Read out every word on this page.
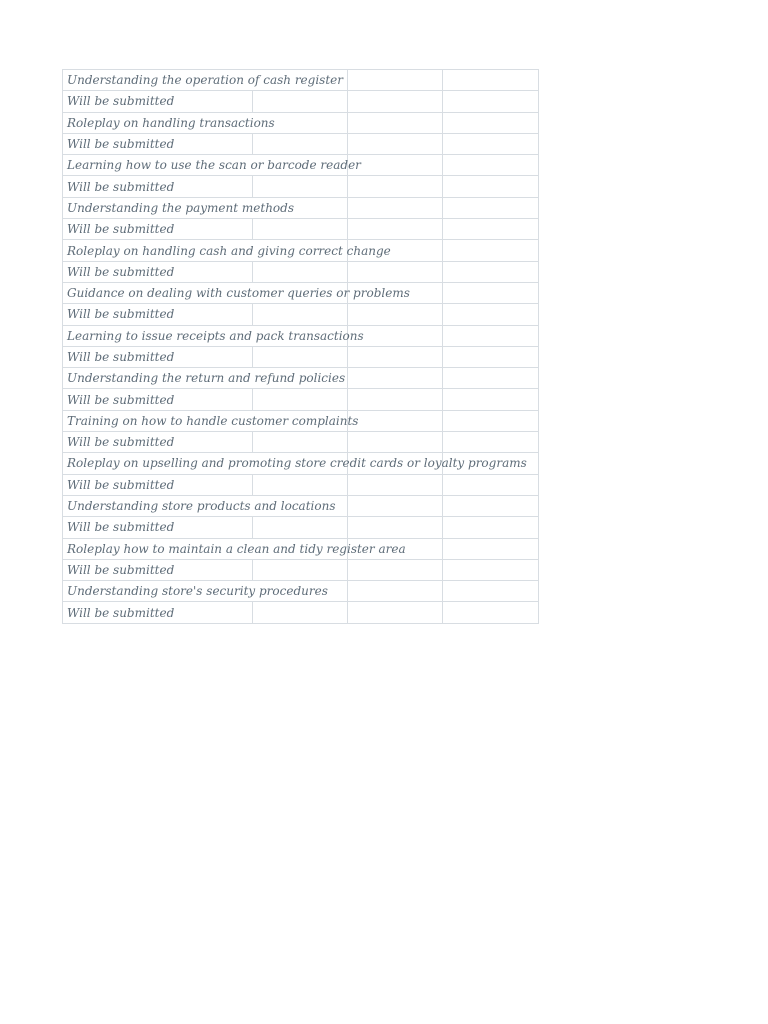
Understanding the operation of cash register			
Will be submitted			
Roleplay on handling transactions			
Will be submitted			
Learning how to use the scan or barcode reader			
Will be submitted			
Understanding the payment methods			
Will be submitted			
Roleplay on handling cash and giving correct change			
Will be submitted			
Guidance on dealing with customer queries or problems			
Will be submitted			
Learning to issue receipts and pack transactions			
Will be submitted			
Understanding the return and refund policies			
Will be submitted			
Training on how to handle customer complaints			
Will be submitted			
Roleplay on upselling and promoting store credit cards or loyalty programs			
Will be submitted			
Understanding store products and locations			
Will be submitted			
Roleplay how to maintain a clean and tidy register area			
Will be submitted			
Understanding store's security procedures			
Will be submitted			
